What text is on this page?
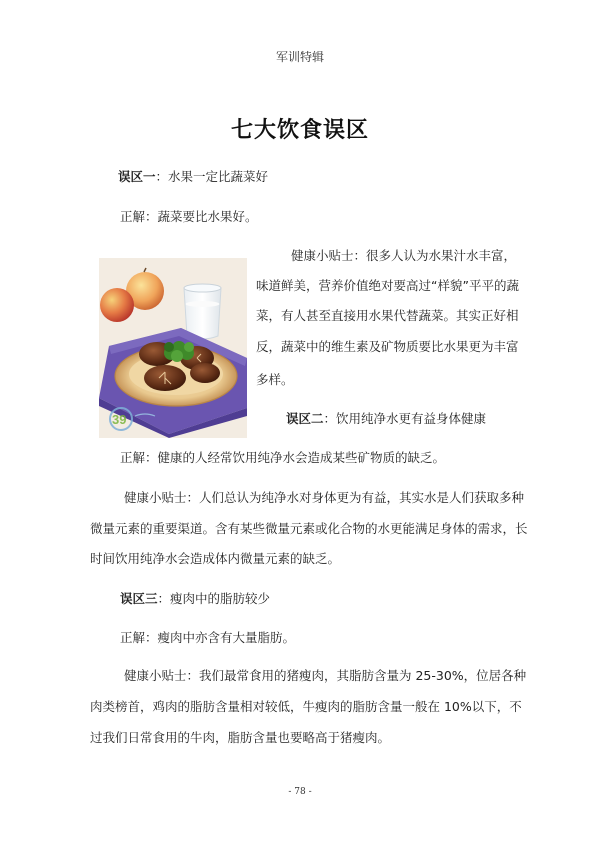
军训特辑
七大饮食误区
误区一：水果一定比蔬菜好
正解：蔬菜要比水果好。
健康小贴士：很多人认为水果汁水丰富，
味道鲜美，营养价值绝对要高过“样貌”平平的蔬
菜，有人甚至直接用水果代替蔬菜。其实正好相
反，蔬菜中的维生素及矿物质要比水果更为丰富
多样。
39	误区二：饮用纯净水更有益身体健康
正解：健康的人经常饮用纯净水会造成某些矿物质的缺乏。
健康小贴士：人们总认为纯净水对身体更为有益，其实水是人们获取多种
微量元素的重要渠道。含有某些微量元素或化合物的水更能满足身体的需求，长
时间饮用纯净水会造成体内微量元素的缺乏。
误区三：瘦肉中的脂肪较少
正解：瘦肉中亦含有大量脂肪。
健康小贴士：我们最常食用的猪瘦肉，其脂肪含量为 25-30%，位居各种
肉类榜首，鸡肉的脂肪含量相对较低，牛瘦肉的脂肪含量一般在 10%以下，不
过我们日常食用的牛肉，脂肪含量也要略高于猪瘦肉。
- 78 -
